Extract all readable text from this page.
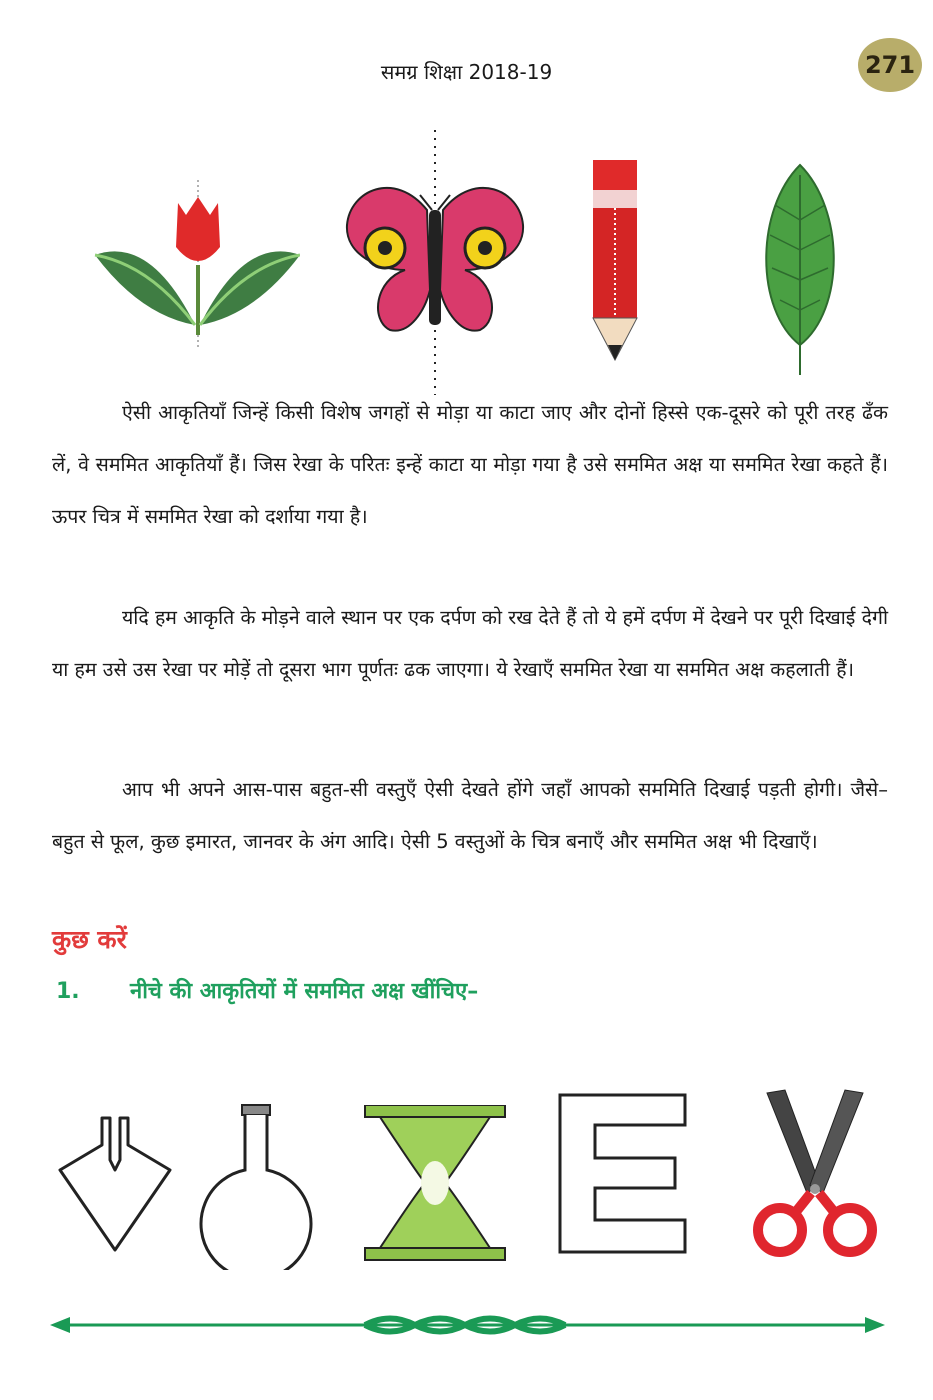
समग्र शिक्षा 2018-19	271

ऐसी आकृतियाँ जिन्हें किसी विशेष जगहों से मोड़ा या काटा जाए और दोनों हिस्से एक-दूसरे को पूरी तरह ढँक लें, वे सममित आकृतियाँ हैं। जिस रेखा के परितः इन्हें काटा या मोड़ा गया है उसे सममित अक्ष या सममित रेखा कहते हैं। ऊपर चित्र में सममित रेखा को दर्शाया गया है।

यदि हम आकृति के मोड़ने वाले स्थान पर एक दर्पण को रख देते हैं तो ये हमें दर्पण में देखने पर पूरी दिखाई देगी या हम उसे उस रेखा पर मोड़ें तो दूसरा भाग पूर्णतः ढक जाएगा। ये रेखाएँ सममित रेखा या सममित अक्ष कहलाती हैं।

आप भी अपने आस-पास बहुत-सी वस्तुएँ ऐसी देखते होंगे जहाँ आपको सममिति दिखाई पड़ती होगी। जैसे– बहुत से फूल, कुछ इमारत, जानवर के अंग आदि। ऐसी 5 वस्तुओं के चित्र बनाएँ और सममित अक्ष भी दिखाएँ।

कुछ करें
1. नीचे की आकृतियों में सममित अक्ष खींचिए–
